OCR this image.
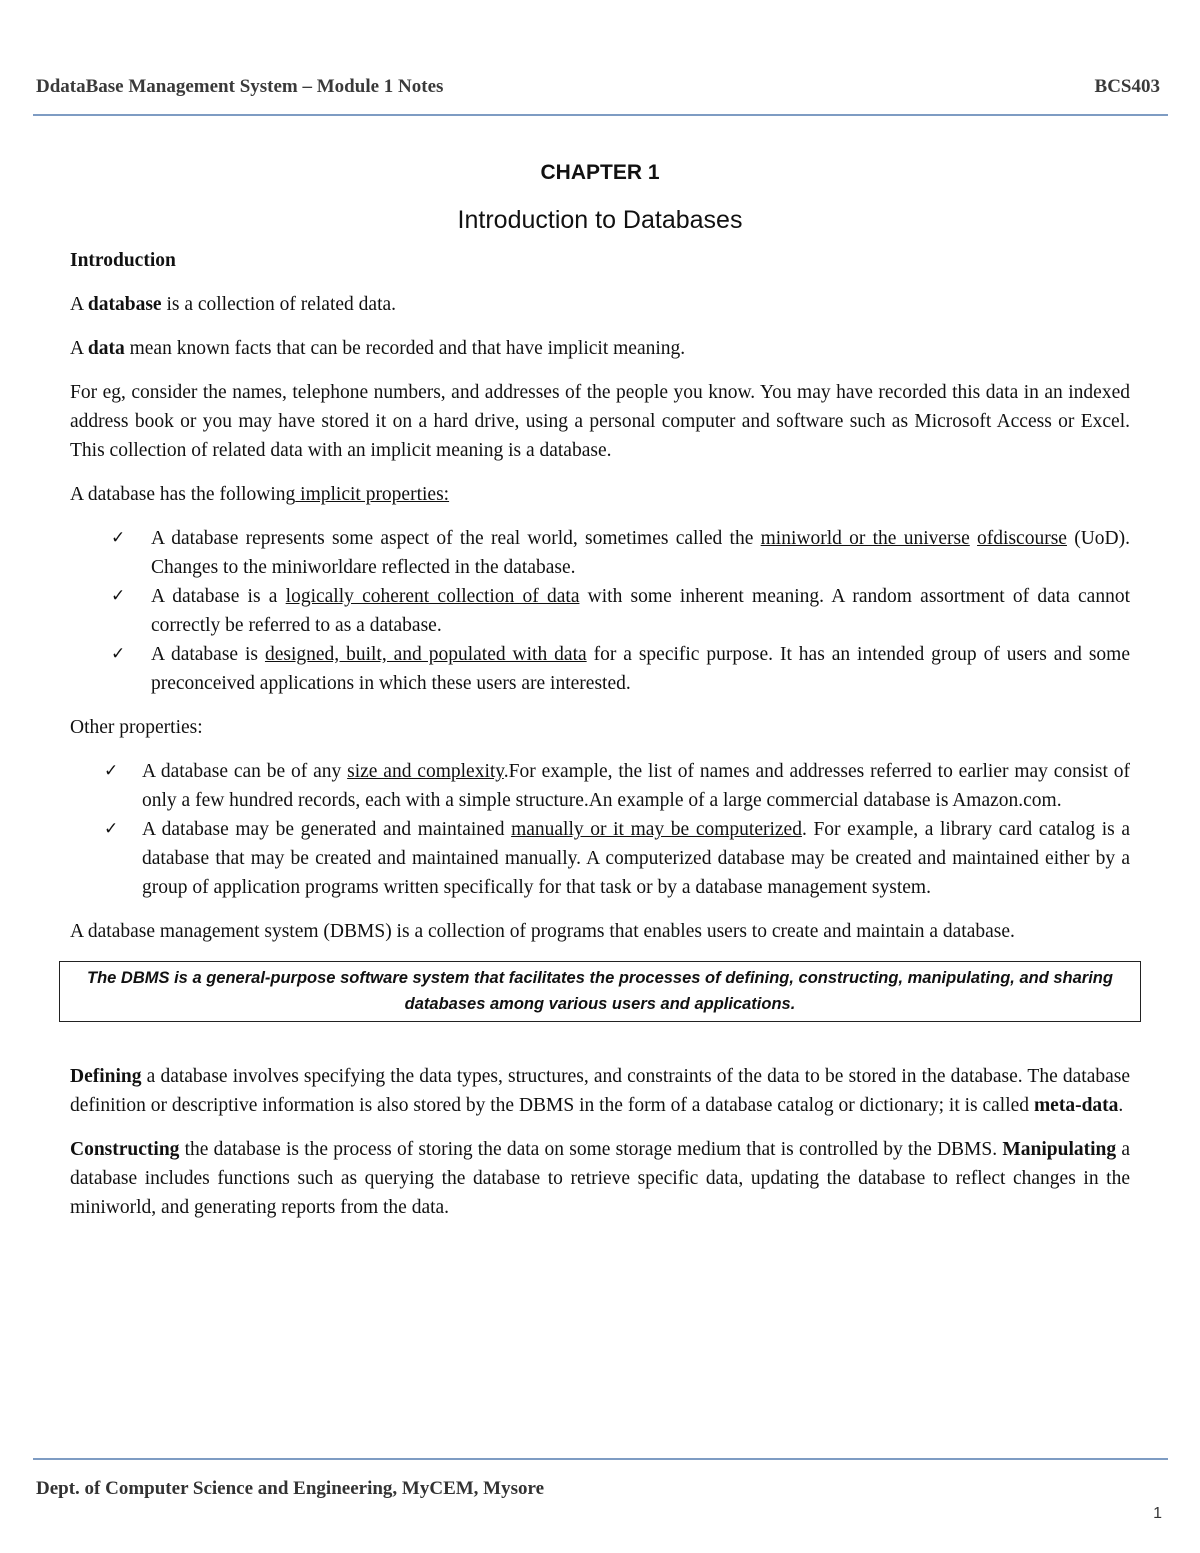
DdataBase Management System – Module 1 Notes	BCS403
CHAPTER 1
Introduction to Databases
Introduction

A database is a collection of related data.

A data mean known facts that can be recorded and that have implicit meaning.

For eg, consider the names, telephone numbers, and addresses of the people you know. You may have recorded this data in an indexed address book or you may have stored it on a hard drive, using a personal computer and software such as Microsoft Access or Excel. This collection of related data with an implicit meaning is a database.

A database has the following implicit properties:

✓ A database represents some aspect of the real world, sometimes called the miniworld or the universe ofdiscourse (UoD). Changes to the miniworldare reflected in the database.
✓ A database is a logically coherent collection of data with some inherent meaning. A random assortment of data cannot correctly be referred to as a database.
✓ A database is designed, built, and populated with data for a specific purpose. It has an intended group of users and some preconceived applications in which these users are interested.

Other properties:

✓ A database can be of any size and complexity.For example, the list of names and addresses referred to earlier may consist of only a few hundred records, each with a simple structure.An example of a large commercial database is Amazon.com.
✓ A database may be generated and maintained manually or it may be computerized. For example, a library card catalog is a database that may be created and maintained manually. A computerized database may be created and maintained either by a group of application programs written specifically for that task or by a database management system.

A database management system (DBMS) is a collection of programs that enables users to create and maintain a database.

The DBMS is a general-purpose software system that facilitates the processes of defining, constructing, manipulating, and sharing databases among various users and applications.

Defining a database involves specifying the data types, structures, and constraints of the data to be stored in the database. The database definition or descriptive information is also stored by the DBMS in the form of a database catalog or dictionary; it is called meta-data.

Constructing the database is the process of storing the data on some storage medium that is controlled by the DBMS. Manipulating a database includes functions such as querying the database to retrieve specific data, updating the database to reflect changes in the miniworld, and generating reports from the data.

Dept. of Computer Science and Engineering, MyCEM, Mysore
1
